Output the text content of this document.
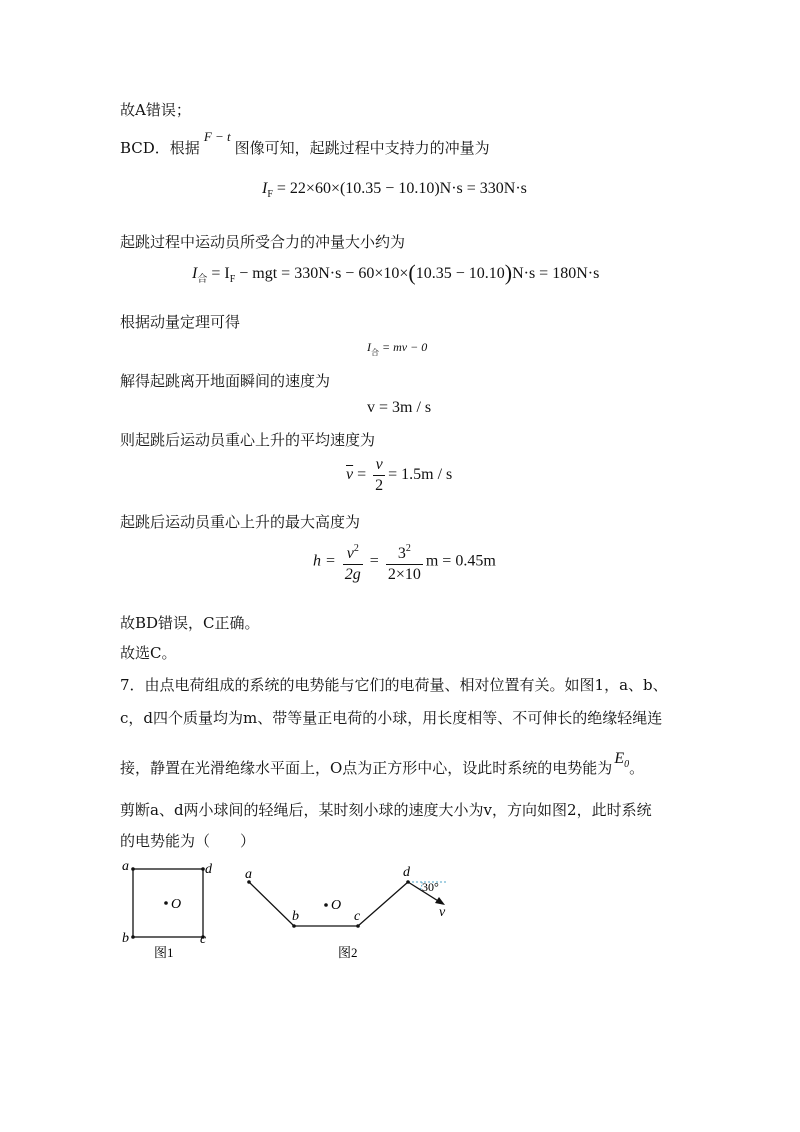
故A错误；
BCD．根据F − t图像可知，起跳过程中支持力的冲量为
$I_F = 22\times 60\times(10.35 - 10.10)N\cdot s = 330N\cdot s$
起跳过程中运动员所受合力的冲量大小约为
$I_合 = I_F$ − mgt = 330N·s − 60×10×(10.35 − 10.10)N·s = 180N·s
根据动量定理可得
$I_合$ = mv − 0
解得起跳离开地面瞬间的速度为
v = 3m / s
则起跳后运动员重心上升的平均速度为
$\overline{v} = \frac{v}{2} = 1.5m / s$
起跳后运动员重心上升的最大高度为
$h = \frac{v^2}{2g} = \frac{3^2}{2\times 10}$ m = 0.45m
故BD错误，C正确。
故选C。
7．由点电荷组成的系统的电势能与它们的电荷量、相对位置有关。如图1，a、b、
c，d四个质量均为m、带等量正电荷的小球，用长度相等、不可伸长的绝缘轻绳连
接，静置在光滑绝缘水平面上，O点为正方形中心，设此时系统的电势能为$E_0$。
剪断a、d两小球间的轻绳后，某时刻小球的速度大小为v，方向如图2，此时系统
的电势能为（　　）
a	d
b	c
O
图1
a
b	c
d
O
30°
v
图2
